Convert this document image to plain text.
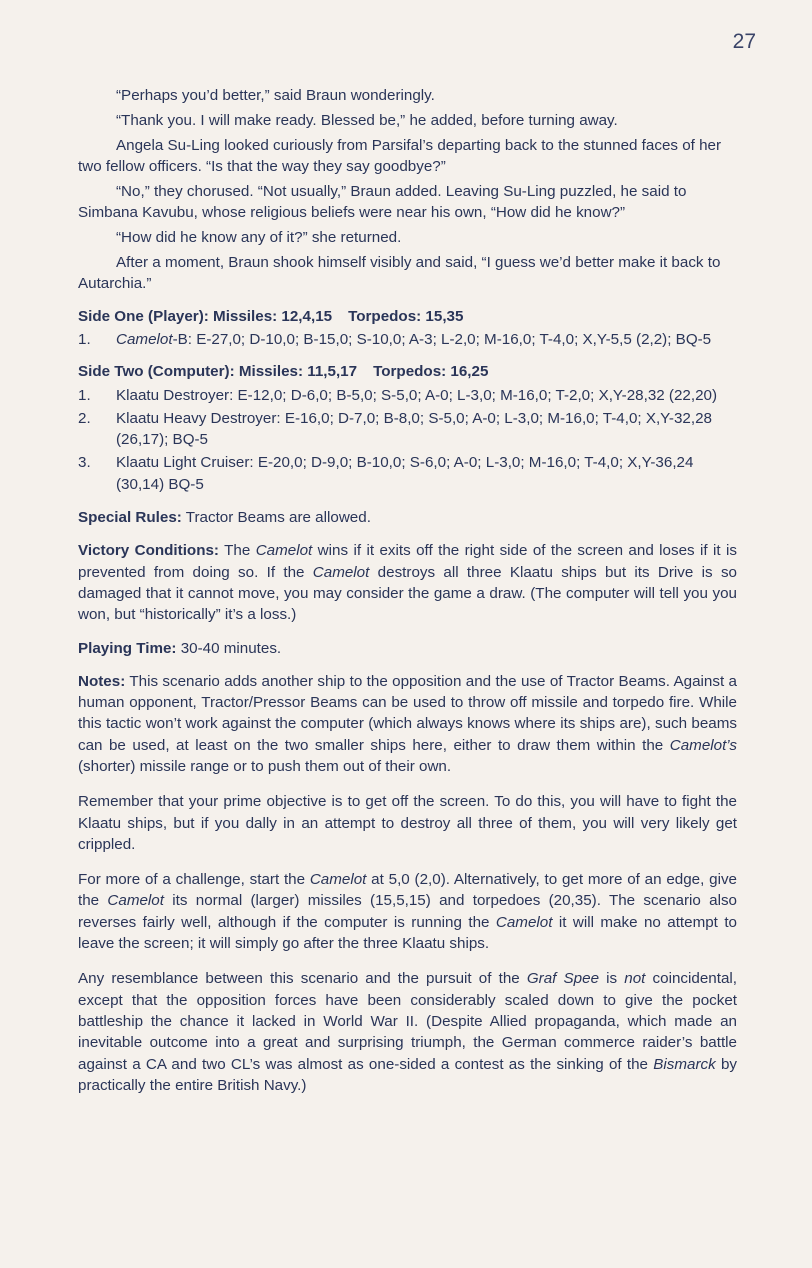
27

“Perhaps you’d better,” said Braun wonderingly.

“Thank you. I will make ready. Blessed be,” he added, before turning away.

Angela Su-Ling looked curiously from Parsifal’s departing back to the stunned faces of her two fellow officers. “Is that the way they say goodbye?”

“No,” they chorused. “Not usually,” Braun added. Leaving Su-Ling puzzled, he said to Simbana Kavubu, whose religious beliefs were near his own, “How did he know?”

“How did he know any of it?” she returned.

After a moment, Braun shook himself visibly and said, “I guess we’d better make it back to Autarchia.”

Side One (Player): Missiles: 12,4,15 Torpedos: 15,35

1.	Camelot-B: E-27,0; D-10,0; B-15,0; S-10,0; A-3; L-2,0; M-16,0; T-4,0; X,Y-5,5 (2,2); BQ-5

Side Two (Computer): Missiles: 11,5,17 Torpedos: 16,25

1.	Klaatu Destroyer: E-12,0; D-6,0; B-5,0; S-5,0; A-0; L-3,0; M-16,0; T-2,0; X,Y-28,32 (22,20)
2.	Klaatu Heavy Destroyer: E-16,0; D-7,0; B-8,0; S-5,0; A-0; L-3,0; M-16,0; T-4,0; X,Y-32,28 (26,17); BQ-5
3.	Klaatu Light Cruiser: E-20,0; D-9,0; B-10,0; S-6,0; A-0; L-3,0; M-16,0; T-4,0; X,Y-36,24 (30,14) BQ-5

Special Rules: Tractor Beams are allowed.

Victory Conditions: The Camelot wins if it exits off the right side of the screen and loses if it is prevented from doing so. If the Camelot destroys all three Klaatu ships but its Drive is so damaged that it cannot move, you may consider the game a draw. (The computer will tell you you won, but “historically” it’s a loss.)

Playing Time: 30-40 minutes.

Notes: This scenario adds another ship to the opposition and the use of Tractor Beams. Against a human opponent, Tractor/Pressor Beams can be used to throw off missile and torpedo fire. While this tactic won’t work against the computer (which always knows where its ships are), such beams can be used, at least on the two smaller ships here, either to draw them within the Camelot’s (shorter) missile range or to push them out of their own.

Remember that your prime objective is to get off the screen. To do this, you will have to fight the Klaatu ships, but if you dally in an attempt to destroy all three of them, you will very likely get crippled.

For more of a challenge, start the Camelot at 5,0 (2,0). Alternatively, to get more of an edge, give the Camelot its normal (larger) missiles (15,5,15) and torpedoes (20,35). The scenario also reverses fairly well, although if the computer is running the Camelot it will make no attempt to leave the screen; it will simply go after the three Klaatu ships.

Any resemblance between this scenario and the pursuit of the Graf Spee is not coincidental, except that the opposition forces have been considerably scaled down to give the pocket battleship the chance it lacked in World War II. (Despite Allied propaganda, which made an inevitable outcome into a great and surprising triumph, the German commerce raider’s battle against a CA and two CL’s was almost as one-sided a contest as the sinking of the Bismarck by practically the entire British Navy.)
